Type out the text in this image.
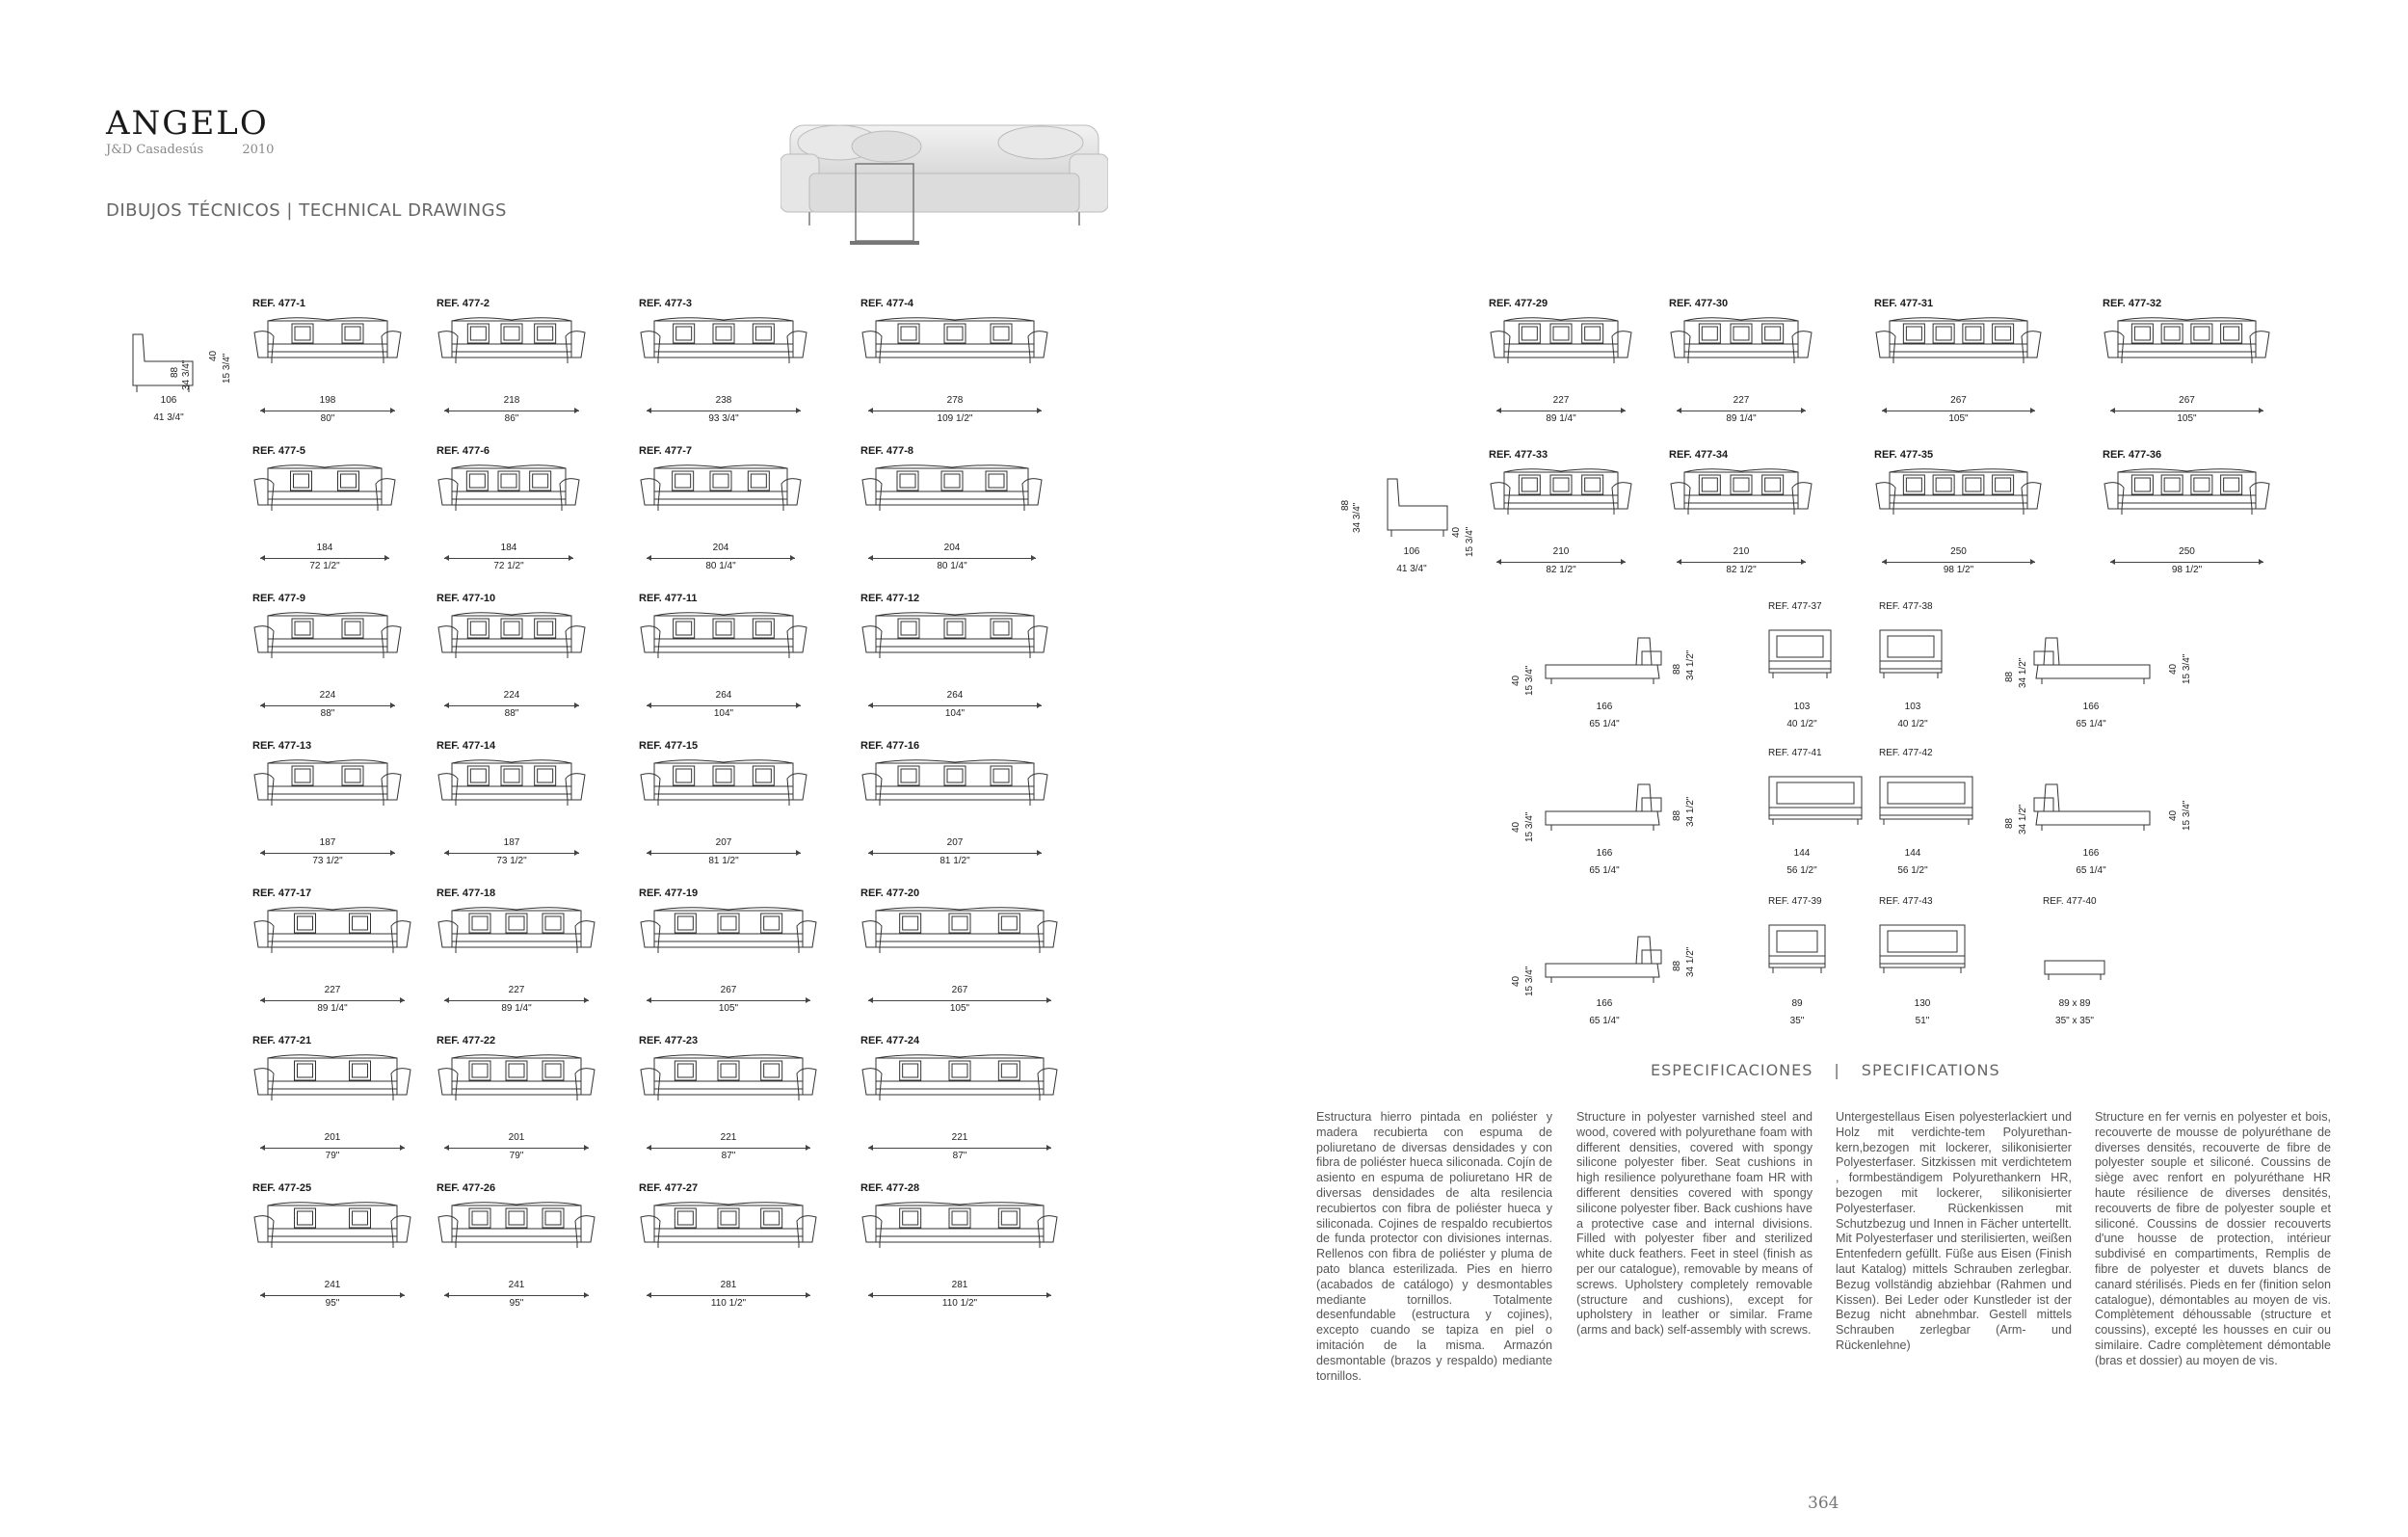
ANGELO
J&D Casadesús	2010
DIBUJOS TÉCNICOS | TECHNICAL DRAWINGS
88 34 3/4"
40 15 3/4"
106
41 3/4"
REF. 477-1
198
80"
REF. 477-2
218
86"
REF. 477-3
238
93 3/4"
REF. 477-4
278
109 1/2"
REF. 477-5
184
72 1/2"
REF. 477-6
184
72 1/2"
REF. 477-7
204
80 1/4"
REF. 477-8
204
80 1/4"
REF. 477-9
224
88"
REF. 477-10
224
88"
REF. 477-11
264
104"
REF. 477-12
264
104"
REF. 477-13
187
73 1/2"
REF. 477-14
187
73 1/2"
REF. 477-15
207
81 1/2"
REF. 477-16
207
81 1/2"
REF. 477-17
227
89 1/4"
REF. 477-18
227
89 1/4"
REF. 477-19
267
105"
REF. 477-20
267
105"
REF. 477-21
201
79"
REF. 477-22
201
79"
REF. 477-23
221
87"
REF. 477-24
221
87"
REF. 477-25
241
95"
REF. 477-26
241
95"
REF. 477-27
281
110 1/2"
REF. 477-28
281
110 1/2"
REF. 477-29
227
89 1/4"
REF. 477-30
227
89 1/4"
REF. 477-31
267
105"
REF. 477-32
267
105"
REF. 477-33
210
82 1/2"
REF. 477-34
210
82 1/2"
REF. 477-35
250
98 1/2"
REF. 477-36
250
98 1/2"
88 34 3/4"	40 15 3/4"
106
41 3/4"
40 15 3/4"
166
65 1/4"
88 34 1/2"
REF. 477-37
103
40 1/2"
REF. 477-38
103
40 1/2"
88 34 1/2"
166
65 1/4"
40 15 3/4"
40 15 3/4"
166
65 1/4"
88 34 1/2"
REF. 477-41
144
56 1/2"
REF. 477-42
144
56 1/2"
88 34 1/2"
166
65 1/4"
40 15 3/4"
40 15 3/4"
166
65 1/4"
88 34 1/2"
REF. 477-39
89
35"
REF. 477-43
130
51"
REF. 477-40
89 x 89
35" x 35"
ESPECIFICACIONES | SPECIFICATIONS
Estructura hierro pintada en poliéster y madera recubierta con espuma de poliuretano de diversas densidades y con fibra de poliéster hueca siliconada. Cojín de asiento en espuma de poliuretano HR de diversas densidades de alta resilencia recubiertos con fibra de poliéster hueca y siliconada. Cojines de respaldo recubiertos de funda protector con divisiones internas. Rellenos con fibra de poliéster y pluma de pato blanca esterilizada. Pies en hierro (acabados de catálogo) y desmontables mediante tornillos. Totalmente desenfundable (estructura y cojines), excepto cuando se tapiza en piel o imitación de la misma. Armazón desmontable (brazos y respaldo) mediante tornillos.
Structure in polyester varnished steel and wood, covered with polyurethane foam with different densities, covered with spongy silicone polyester fiber. Seat cushions in high resilience polyurethane foam HR with different densities covered with spongy silicone polyester fiber. Back cushions have a protective case and internal divisions. Filled with polyester fiber and sterilized white duck feathers. Feet in steel (finish as per our catalogue), removable by means of screws. Upholstery completely removable (structure and cushions), except for upholstery in leather or similar. Frame (arms and back) self-assembly with screws.
Untergestellaus Eisen polyesterlackiert und Holz mit verdichte-tem Polyurethan-kern,bezogen mit lockerer, silikonisierter Polyesterfaser. Sitzkissen mit verdichtetem , formbeständigem Polyurethankern HR, bezogen mit lockerer, silikonisierter Polyesterfaser. Rückenkissen mit Schutzbezug und Innen in Fächer untertellt. Mit Polyesterfaser und sterilisierten, weißen Entenfedern gefüllt. Füße aus Eisen (Finish laut Katalog) mittels Schrauben zerlegbar. Bezug vollständig abziehbar (Rahmen und Kissen). Bei Leder oder Kunstleder ist der Bezug nicht abnehmbar. Gestell mittels Schrauben zerlegbar (Arm- und Rückenlehne)
Structure en fer vernis en polyester et bois, recouverte de mousse de polyuréthane de diverses densités, recouverte de fibre de polyester souple et siliconé. Coussins de siège avec renfort en polyuréthane HR haute résilience de diverses densités, recouverts de fibre de polyester souple et siliconé. Coussins de dossier recouverts d'une housse de protection, intérieur subdivisé en compartiments, Remplis de fibre de polyester et duvets blancs de canard stérilisés. Pieds en fer (finition selon catalogue), démontables au moyen de vis. Complètement déhoussable (structure et coussins), excepté les housses en cuir ou similaire. Cadre complètement démontable (bras et dossier) au moyen de vis.
364
